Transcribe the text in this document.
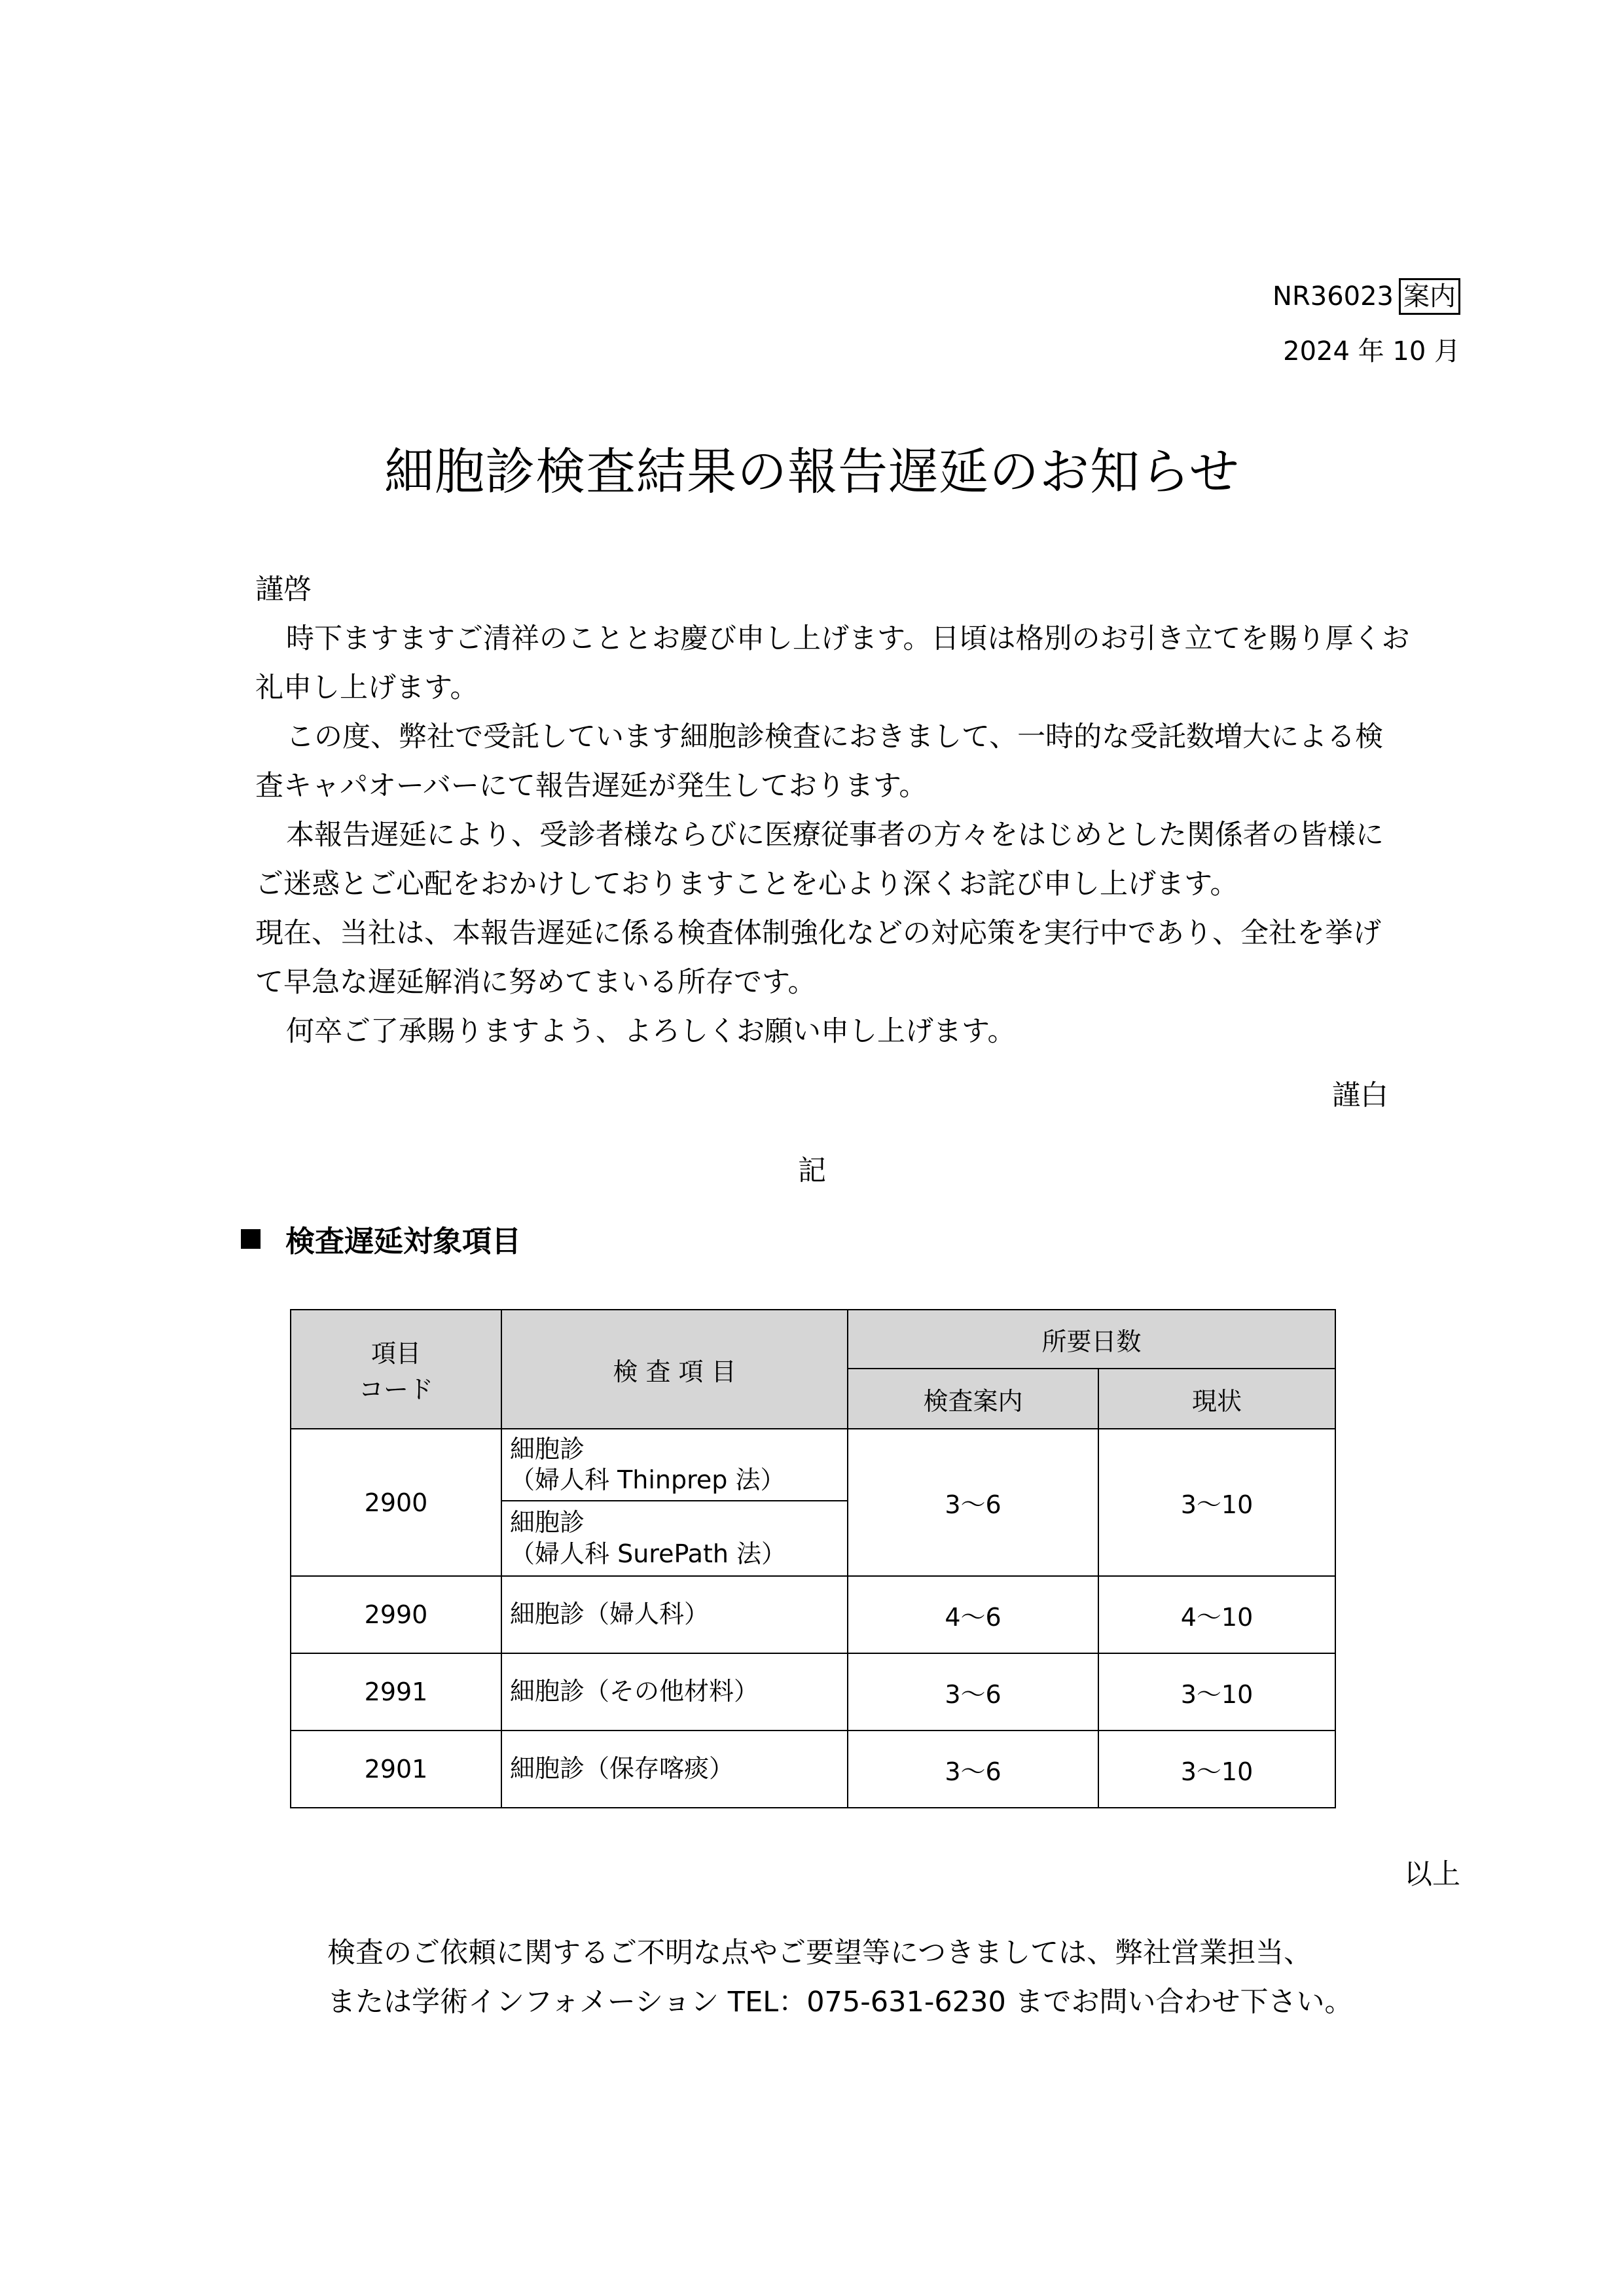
NR36023 案内
2024 年 10 月
細胞診検査結果の報告遅延のお知らせ
謹啓
時下ますますご清祥のこととお慶び申し上げます。日頃は格別のお引き立てを賜り厚くお
礼申し上げます。
この度、弊社で受託しています細胞診検査におきまして、一時的な受託数増大による検
査キャパオーバーにて報告遅延が発生しております。
本報告遅延により、受診者様ならびに医療従事者の方々をはじめとした関係者の皆様に
ご迷惑とご心配をおかけしておりますことを心より深くお詫び申し上げます。
現在、当社は、本報告遅延に係る検査体制強化などの対応策を実行中であり、全社を挙げ
て早急な遅延解消に努めてまいる所存です。
何卒ご了承賜りますよう、よろしくお願い申し上げます。
謹白
記
検査遅延対象項目
項目
コード	検 査 項 目	所要日数	
		検査案内	現状
2900	細胞診
（婦人科 Thinprep 法）	3～6	3～10

	細胞診
（婦人科 SurePath 法）		

2990	細胞診（婦人科）	4～6	4～10
2991	細胞診（その他材料）	3～6	3～10
2901	細胞診（保存喀痰）	3～6	3～10
以上
検査のご依頼に関するご不明な点やご要望等につきましては、弊社営業担当、
または学術インフォメーション TEL：075-631-6230 までお問い合わせ下さい。
